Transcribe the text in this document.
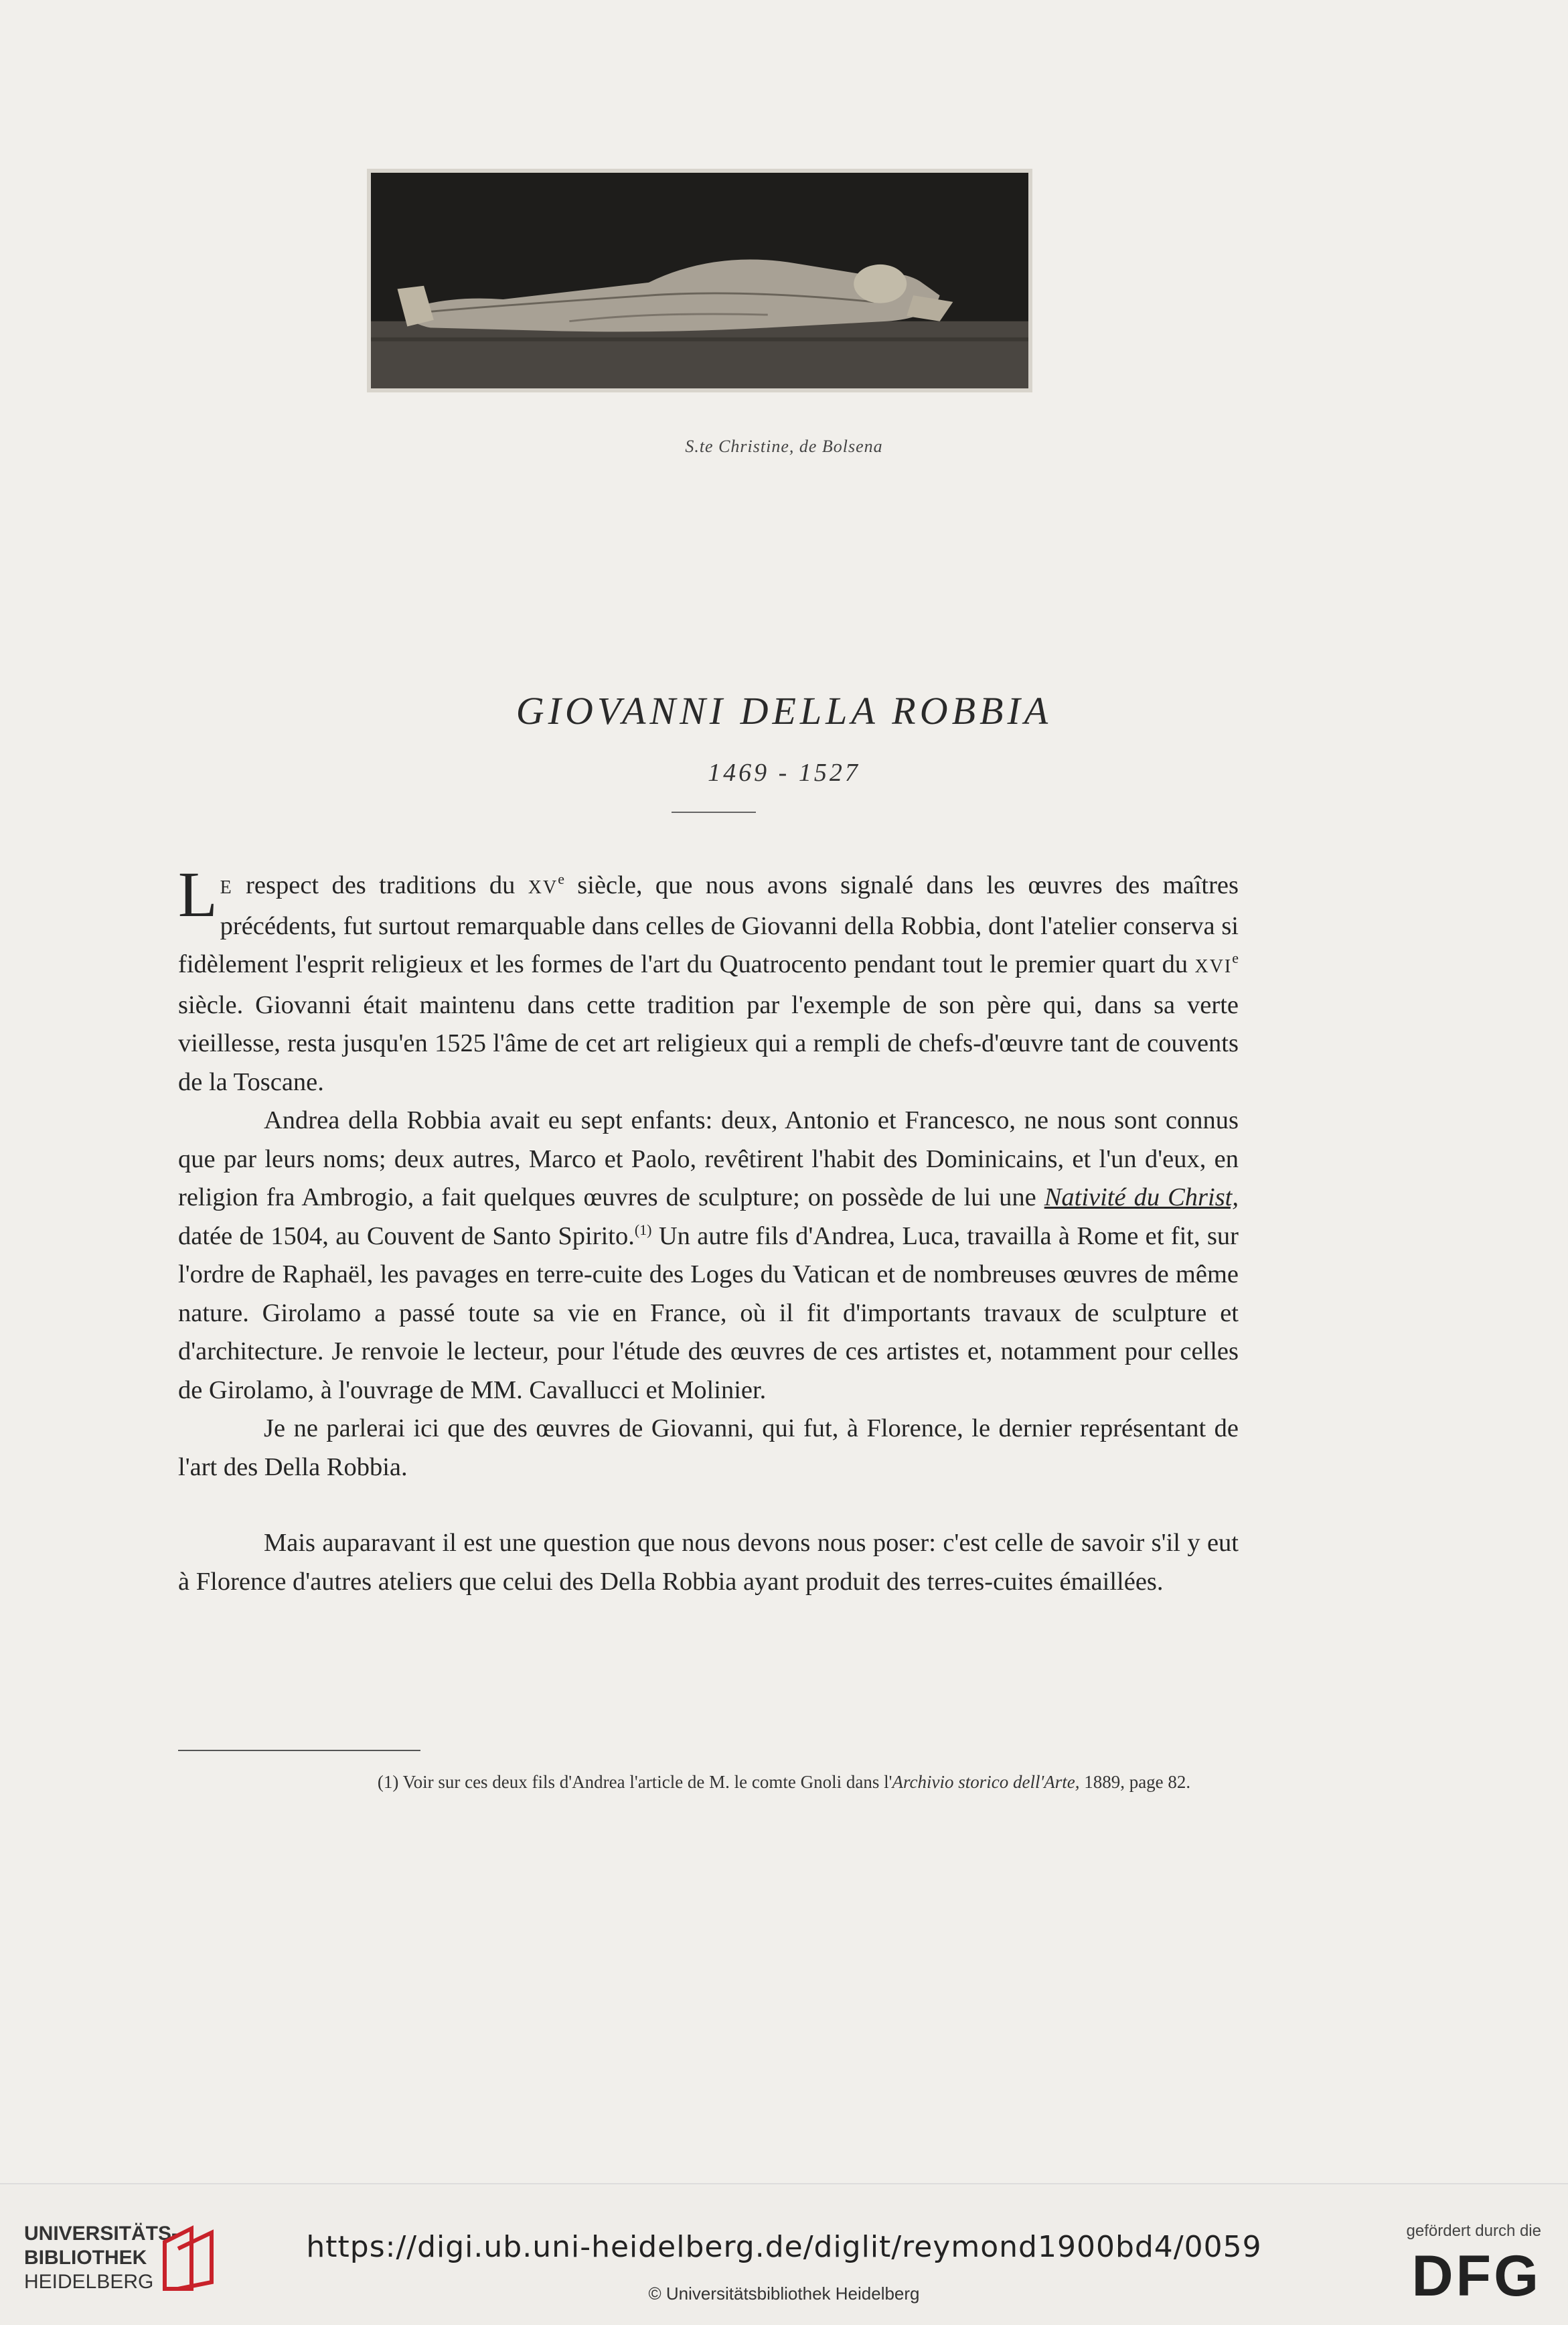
S.te Christine, de Bolsena
GIOVANNI DELLA ROBBIA
1469 - 1527

L E respect des traditions du XVe siècle, que nous avons signalé dans les œuvres des maîtres précédents, fut surtout remarquable dans celles de Giovanni della Robbia, dont l'atelier conserva si fidèlement l'esprit religieux et les formes de l'art du Quatrocento pendant tout le premier quart du XVIe siècle. Giovanni était maintenu dans cette tradition par l'exemple de son père qui, dans sa verte vieillesse, resta jusqu'en 1525 l'âme de cet art religieux qui a rempli de chefs-d'œuvre tant de couvents de la Toscane.

Andrea della Robbia avait eu sept enfants: deux, Antonio et Francesco, ne nous sont connus que par leurs noms; deux autres, Marco et Paolo, revêtirent l'habit des Dominicains, et l'un d'eux, en religion fra Ambrogio, a fait quelques œuvres de sculpture; on possède de lui une Nativité du Christ, datée de 1504, au Couvent de Santo Spirito.$^{(1)}$ Un autre fils d'Andrea, Luca, travailla à Rome et fit, sur l'ordre de Raphaël, les pavages en terre-cuite des Loges du Vatican et de nombreuses œuvres de même nature. Girolamo a passé toute sa vie en France, où il fit d'importants travaux de sculpture et d'architecture. Je renvoie le lecteur, pour l'étude des œuvres de ces artistes et, notamment pour celles de Girolamo, à l'ouvrage de MM. Cavallucci et Molinier.

Je ne parlerai ici que des œuvres de Giovanni, qui fut, à Florence, le dernier représentant de l'art des Della Robbia.

Mais auparavant il est une question que nous devons nous poser: c'est celle de savoir s'il y eut à Florence d'autres ateliers que celui des Della Robbia ayant produit des terres-cuites émaillées.

(1) Voir sur ces deux fils d'Andrea l'article de M. le comte Gnoli dans l'Archivio storico dell'Arte, 1889, page 82.
UNIVERSITÄTS-
BIBLIOTHEK
HEIDELBERG
https://digi.ub.uni-heidelberg.de/diglit/reymond1900bd4/0059
© Universitätsbibliothek Heidelberg
gefördert durch die
DFG
